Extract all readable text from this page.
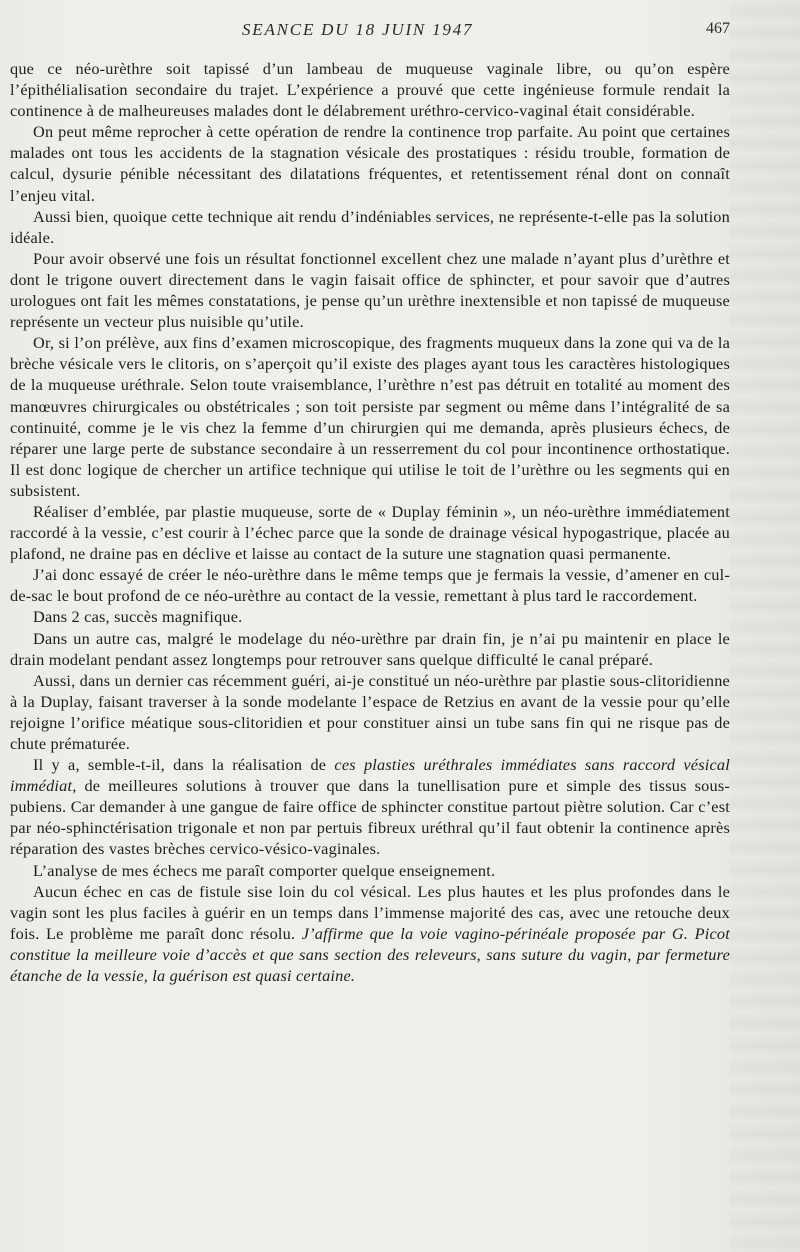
SEANCE DU 18 JUIN 1947	467

que ce néo-urèthre soit tapissé d’un lambeau de muqueuse vaginale libre, ou qu’on espère l’épithélialisation secondaire du trajet. L’expérience a prouvé que cette ingénieuse formule rendait la continence à de malheureuses malades dont le délabrement uréthro-cervico-vaginal était considérable.

On peut même reprocher à cette opération de rendre la continence trop parfaite. Au point que certaines malades ont tous les accidents de la stagnation vésicale des prostatiques : résidu trouble, formation de calcul, dysurie pénible nécessitant des dilatations fréquentes, et retentissement rénal dont on connaît l’enjeu vital.

Aussi bien, quoique cette technique ait rendu d’indéniables services, ne représente-t-elle pas la solution idéale.

Pour avoir observé une fois un résultat fonctionnel excellent chez une malade n’ayant plus d’urèthre et dont le trigone ouvert directement dans le vagin faisait office de sphincter, et pour savoir que d’autres urologues ont fait les mêmes constatations, je pense qu’un urèthre inextensible et non tapissé de muqueuse représente un vecteur plus nuisible qu’utile.

Or, si l’on prélève, aux fins d’examen microscopique, des fragments muqueux dans la zone qui va de la brèche vésicale vers le clitoris, on s’aperçoit qu’il existe des plages ayant tous les caractères histologiques de la muqueuse uréthrale. Selon toute vraisemblance, l’urèthre n’est pas détruit en totalité au moment des manœuvres chirurgicales ou obstétricales ; son toit persiste par segment ou même dans l’intégralité de sa continuité, comme je le vis chez la femme d’un chirurgien qui me demanda, après plusieurs échecs, de réparer une large perte de substance secondaire à un resserrement du col pour incontinence orthostatique. Il est donc logique de chercher un artifice technique qui utilise le toit de l’urèthre ou les segments qui en subsistent.

Réaliser d’emblée, par plastie muqueuse, sorte de « Duplay féminin », un néo-urèthre immédiatement raccordé à la vessie, c’est courir à l’échec parce que la sonde de drainage vésical hypogastrique, placée au plafond, ne draine pas en déclive et laisse au contact de la suture une stagnation quasi permanente.

J’ai donc essayé de créer le néo-urèthre dans le même temps que je fermais la vessie, d’amener en cul-de-sac le bout profond de ce néo-urèthre au contact de la vessie, remettant à plus tard le raccordement.

Dans 2 cas, succès magnifique.

Dans un autre cas, malgré le modelage du néo-urèthre par drain fin, je n’ai pu maintenir en place le drain modelant pendant assez longtemps pour retrouver sans quelque difficulté le canal préparé.

Aussi, dans un dernier cas récemment guéri, ai-je constitué un néo-urèthre par plastie sous-clitoridienne à la Duplay, faisant traverser à la sonde modelante l’espace de Retzius en avant de la vessie pour qu’elle rejoigne l’orifice méatique sous-clitoridien et pour constituer ainsi un tube sans fin qui ne risque pas de chute prématurée.

Il y a, semble-t-il, dans la réalisation de ces plasties uréthrales immédiates sans raccord vésical immédiat, de meilleures solutions à trouver que dans la tunellisation pure et simple des tissus sous-pubiens. Car demander à une gangue de faire office de sphincter constitue partout piètre solution. Car c’est par néo-sphinctérisation trigonale et non par pertuis fibreux uréthral qu’il faut obtenir la continence après réparation des vastes brèches cervico-vésico-vaginales.

L’analyse de mes échecs me paraît comporter quelque enseignement.

Aucun échec en cas de fistule sise loin du col vésical. Les plus hautes et les plus profondes dans le vagin sont les plus faciles à guérir en un temps dans l’immense majorité des cas, avec une retouche deux fois. Le problème me paraît donc résolu. J’affirme que la voie vagino-périnéale proposée par G. Picot constitue la meilleure voie d’accès et que sans section des releveurs, sans suture du vagin, par fermeture étanche de la vessie, la guérison est quasi certaine.
